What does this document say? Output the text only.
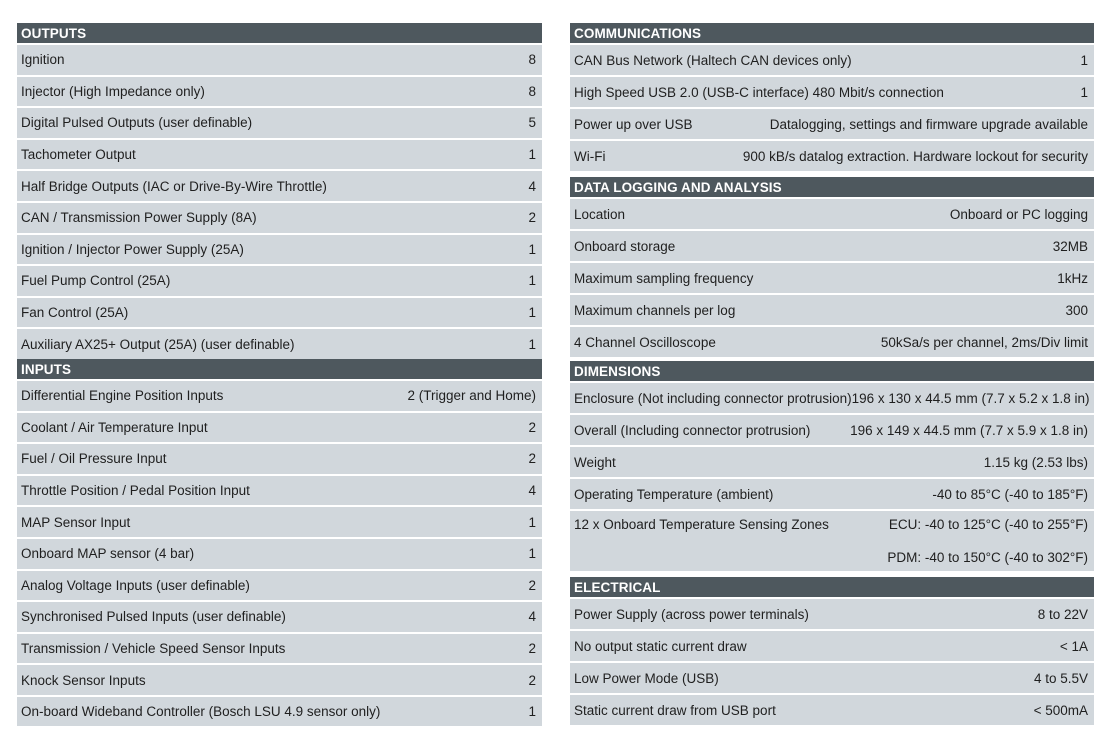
OUTPUTS
Ignition	8
Injector (High Impedance only)	8
Digital Pulsed Outputs (user definable)	5
Tachometer Output	1
Half Bridge Outputs (IAC or Drive-By-Wire Throttle)	4
CAN / Transmission Power Supply (8A)	2
Ignition / Injector Power Supply (25A)	1
Fuel Pump Control (25A)	1
Fan Control (25A)	1
Auxiliary AX25+ Output (25A) (user definable)	1
INPUTS
Differential Engine Position Inputs	2 (Trigger and Home)
Coolant / Air Temperature Input	2
Fuel / Oil Pressure Input	2
Throttle Position / Pedal Position Input	4
MAP Sensor Input	1
Onboard MAP sensor (4 bar)	1
Analog Voltage Inputs (user definable)	2
Synchronised Pulsed Inputs (user definable)	4
Transmission / Vehicle Speed Sensor Inputs	2
Knock Sensor Inputs	2
On-board Wideband Controller (Bosch LSU 4.9 sensor only)	1
COMMUNICATIONS
CAN Bus Network (Haltech CAN devices only)	1
High Speed USB 2.0 (USB-C interface) 480 Mbit/s connection	1
Power up over USB	Datalogging, settings and firmware upgrade available
Wi-Fi	900 kB/s datalog extraction. Hardware lockout for security
DATA LOGGING AND ANALYSIS
Location	Onboard or PC logging
Onboard storage	32MB
Maximum sampling frequency	1kHz
Maximum channels per log	300
4 Channel Oscilloscope	50kSa/s per channel, 2ms/Div limit
DIMENSIONS
Enclosure (Not including connector protrusion) 196 x 130 x 44.5 mm (7.7 x 5.2 x 1.8 in)
Overall (Including connector protrusion)	196 x 149 x 44.5 mm (7.7 x 5.9 x 1.8 in)
Weight	1.15 kg (2.53 lbs)
Operating Temperature (ambient)	-40 to 85°C (-40 to 185°F)
12 x Onboard Temperature Sensing Zones	ECU: -40 to 125°C (-40 to 255°F)
PDM: -40 to 150°C (-40 to 302°F)
ELECTRICAL
Power Supply (across power terminals)	8 to 22V
No output static current draw	< 1A
Low Power Mode (USB)	4 to 5.5V
Static current draw from USB port	< 500mA
